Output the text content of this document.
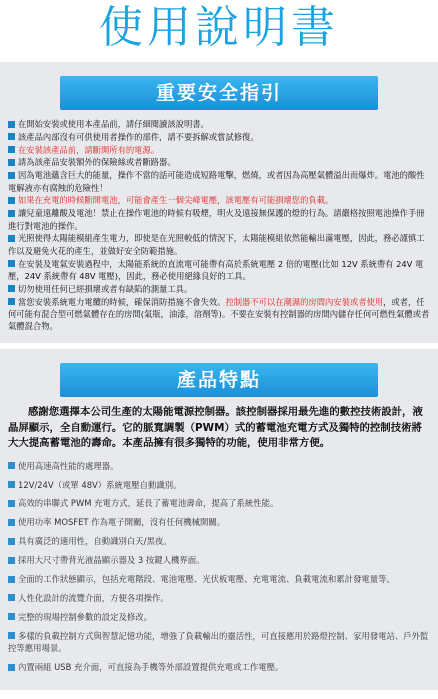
使用說明書
重要安全指引
在開始安裝或使用本產品前，請仔細閱讀該說明書。
該產品內部沒有可供使用者操作的部件，請不要拆解或嘗試修復。
在安裝該產品前，請斷開所有的電源。
請為該產品安裝額外的保險絲或者斷路器。
因為電池蘊含巨大的能量，操作不當的話可能造成短路電擊，燃燒，或者因為高壓氣體溢出而爆炸。電池的酸性電解液亦有腐蝕的危險性！
如果在充電的時候斷開電池，可能會產生一個尖峰電壓，該電壓有可能損壞您的負載。
讓兒童遠離酸及電池！禁止在操作電池的時候有吸煙，明火及遠接無保護的燈的行為。請嚴格按照電池操作手冊進行對電池的操作。
光照使得太陽能模組產生電力，即使是在光照較低的情況下，太陽能模組依然能輸出滿電壓，因此，務必謹慎工作以及避免火花的產生，並做好安全防範措施。
在安裝及電氣安裝過程中，太陽能系統的直流電可能帶有高於系統電壓 2 倍的電壓(比如 12V 系統帶有 24V 電壓，24V 系統帶有 48V 電壓)，因此，務必使用絕緣良好的工具。
切勿使用任何已經損壞或者有缺陷的測量工具。
當您安裝系統電力電纜的時候，確保消防措施不會失效。控制器不可以在潮濕的房間內安裝或者使用，或者，任何可能有混合型可燃氣體存在的房間(氣瓶，油漆，溶劑等)。不要在安裝有控制器的房間內儲存任何可燃性氣體或者氣體混合物。
產品特點

感謝您選擇本公司生產的太陽能電源控制器。該控制器採用最先進的數控技術設計，液晶屏顯示，全自動運行。它的脈寬調製（PWM）式的蓄電池充電方式及獨特的控制技術將大大提高蓄電池的壽命。本產品擁有很多獨特的功能，使用非常方便。

使用高速高性能的處理器。
12V/24V（或單 48V）系統電壓自動識別。
高效的串聯式 PWM 充電方式，延長了蓄電池壽命，提高了系統性能。
使用功率 MOSFET 作為電子開關，沒有任何機械開關。
具有廣泛的適用性，自動識別白天/黑夜。
採用大尺寸帶背光液晶顯示器及 3 按鍵人機界面。
全面的工作狀態顯示，包括充電階段、電池電壓、光伏板電壓、充電電流、負載電流和累計發電量等。
人性化設計的流覽介面，方便各項操作。
完整的現場控制參數的設定及修改。
多樣的負載控制方式與智慧記憶功能，增強了負載輸出的靈活性，可直接應用於路燈控制、家用發電站、戶外監控等應用場景。
內置兩組 USB 充介面，可直接為手機等外部設置提供充電或工作電壓。
